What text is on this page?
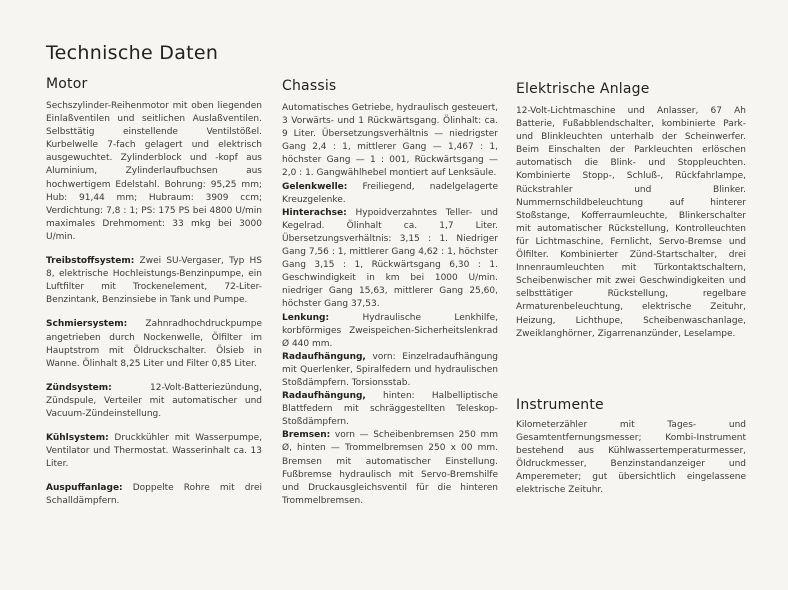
Technische Daten
Motor

Sechszylinder-Reihenmotor mit oben liegenden Einlaßventilen und seitlichen Auslaßventilen. Selbsttätig einstellende Ventilstößel. Kurbelwelle 7-fach gelagert und elektrisch ausgewuchtet. Zylinderblock und -kopf aus Aluminium, Zylinderlaufbuchsen aus hochwertigem Edelstahl. Bohrung: 95,25 mm; Hub: 91,44 mm; Hubraum: 3909 ccm; Verdichtung: 7,8 : 1; PS: 175 PS bei 4800 U/min maximales Drehmoment: 33 mkg bei 3000 U/min.

Treibstoffsystem: Zwei SU-Vergaser, Typ HS 8, elektrische Hochleistungs-Benzinpumpe, ein Luftfilter mit Trockenelement, 72-Liter-Benzintank, Benzinsiebe in Tank und Pumpe.

Schmiersystem: Zahnradhochdruckpumpe angetrieben durch Nockenwelle, Ölfilter im Hauptstrom mit Öldruckschalter. Ölsieb in Wanne. Ölinhalt 8,25 Liter und Filter 0,85 Liter.

Zündsystem: 12-Volt-Batteriezündung, Zündspule, Verteiler mit automatischer und Vacuum-Zündeinstellung.

Kühlsystem: Druckkühler mit Wasserpumpe, Ventilator und Thermostat. Wasserinhalt ca. 13 Liter.

Auspuffanlage: Doppelte Rohre mit drei Schalldämpfern.

Chassis

Automatisches Getriebe, hydraulisch gesteuert, 3 Vorwärts- und 1 Rückwärtsgang. Ölinhalt: ca. 9 Liter. Übersetzungsverhältnis — niedrigster Gang 2,4 : 1, mittlerer Gang — 1,467 : 1, höchster Gang — 1 : 001, Rückwärtsgang — 2,0 : 1. Gangwählhebel montiert auf Lenksäule.

Gelenkwelle: Freiliegend, nadelgelagerte Kreuzgelenke.

Hinterachse: Hypoidverzahntes Teller- und Kegelrad. Ölinhalt ca. 1,7 Liter. Übersetzungsverhältnis: 3,15 : 1. Niedriger Gang 7,56 : 1, mittlerer Gang 4,62 : 1, höchster Gang 3,15 : 1, Rückwärtsgang 6,30 : 1. Geschwindigkeit in km bei 1000 U/min. niedriger Gang 15,63, mittlerer Gang 25,60, höchster Gang 37,53.

Lenkung: Hydraulische Lenkhilfe, korbförmiges Zweispeichen-Sicherheitslenkrad Ø 440 mm.

Radaufhängung, vorn: Einzelradaufhängung mit Querlenker, Spiralfedern und hydraulischen Stoßdämpfern. Torsionsstab.

Radaufhängung, hinten: Halbelliptische Blattfedern mit schräggestellten Teleskop-Stoßdämpfern.

Bremsen: vorn — Scheibenbremsen 250 mm Ø, hinten — Trommelbremsen 250 x 00 mm. Bremsen mit automatischer Einstellung. Fußbremse hydraulisch mit Servo-Bremshilfe und Druckausgleichsventil für die hinteren Trommelbremsen.

Elektrische Anlage

12-Volt-Lichtmaschine und Anlasser, 67 Ah Batterie, Fußabblendschalter, kombinierte Park- und Blinkleuchten unterhalb der Scheinwerfer. Beim Einschalten der Parkleuchten erlöschen automatisch die Blink- und Stoppleuchten. Kombinierte Stopp-, Schluß-, Rückfahrlampe, Rückstrahler und Blinker. Nummernschildbeleuchtung auf hinterer Stoßstange, Kofferraumleuchte, Blinkerschalter mit automatischer Rückstellung, Kontrolleuchten für Lichtmaschine, Fernlicht, Servo-Bremse und Ölfilter. Kombinierter Zünd-Startschalter, drei Innenraumleuchten mit Türkontaktschaltern, Scheibenwischer mit zwei Geschwindigkeiten und selbsttätiger Rückstellung, regelbare Armaturenbeleuchtung, elektrische Zeituhr, Heizung, Lichthupe, Scheibenwaschanlage, Zweiklanghörner, Zigarrenanzünder, Leselampe.

Instrumente

Kilometerzähler mit Tages- und Gesamtentfernungsmesser; Kombi-Instrument bestehend aus Kühlwassertemperaturmesser, Öldruckmesser, Benzinstandanzeiger und Amperemeter; gut übersichtlich eingelassene elektrische Zeituhr.
